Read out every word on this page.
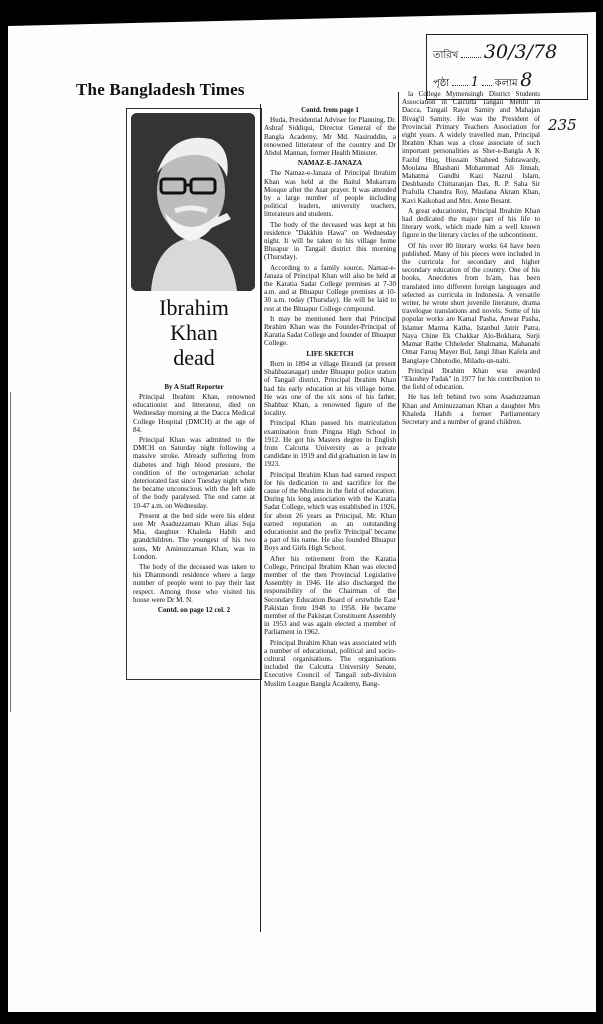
The Bangladesh Times
তারিখ 30/3/78
পৃষ্ঠা 1 কলাম 8
235
Ibrahim
Khan
dead
By A Staff Reporter

Principal Ibrahim Khan, renowned educationist and litterateur, died on Wednesday morning at the Dacca Medical College Hospital (DMCH) at the age of 84.

Principal Khan was admitted to the DMCH on Saturday night following a massive stroke. Already suffering from diabetes and high blood pressure, the condition of the octogenarian scholar deteriorated fast since Tuesday night when he became unconscious with the left side of the body paralysed. The end came at 10-47 a.m. on Wednesday.

Present at the bed side were his eldest son Mr Asaduzzaman Khan alias Suja Mia, daughter Khaleda Habib and grandchildren. The youngest of his two sons, Mr Aminuzzaman Khan, was in London.

The body of the deceased was taken to his Dhanmondi residence where a large number of people went to pay their last respect. Among those who visited his house were Dr M. N.

Contd. on page 12 col. 2
Contd. from page 1

Huda, Presidential Adviser for Planning, Dr. Ashraf Siddiqui, Director General of the Bangla Academy, Mr Md. Nasiruddin, a renowned litterateur of the country and Dr Abdul Mannan, former Health Minister.

NAMAZ-E-JANAZA

The Namaz-e-Janaza of Principal Ibrahim Khan was held at the Baitul Mukarram Mosque after the Asar prayer. It was attended by a large number of people including political leaders, university teachers, litterateurs and students.

The body of the deceased was kept at his residence "Dakkhin Hawa" on Wednesday night. It will be taken to his village home Bhuapur in Tangail district this morning (Thursday).

According to a family source, Namaz-e-Janaza of Principal Khan will also be held at the Karatia Sadat College premises at 7-30 a.m. and at Bhuapur College premises at 10-30 a.m. today (Thursday). He will be laid to rest at the Bhuapur College compound.

It may be mentioned here that Principal Ibrahim Khan was the Founder-Principal of Karatia Sadat College and founder of Bhuapur College.

LIFE SKETCH

Born in 1894 at village Birandi (at present Shahbazanagar) under Bhuapur police station of Tangail district, Principal Ibrahim Khan had his early education at his village home. He was one of the six sons of his father, Shahbaz Khan, a renowned figure of the locality.

Principal Khan passed his matriculation examination from Pingna High School in 1912. He got his Masters degree in English from Calcutta University as a private candidate in 1919 and did graduation in law in 1923.

Principal Ibrahim Khan had earned respect for his dedication to and sacrifice for the cause of the Muslims in the field of education. During his long association with the Karatia Sadat College, which was established in 1926, for about 26 years as Principal, Mr. Khan earned reputation as an outstanding educationist and the prefix 'Principal' became a part of his name. He also founded Bhuapur Boys and Girls High School.

After his retirement from the Karatia College, Principal Ibrahim Khan was elected member of the then Provincial Legislative Assembly in 1946. He also discharged the responsibility of the Chairman of the Secondary Education Board of erstwhile East Pakistan from 1948 to 1958. He became member of the Pakistan Constituent Assembly in 1953 and was again elected a member of Parliament in 1962.

Principal Ibrahim Khan was associated with a number of educational, political and socio-cultural organisations. The organisations included the Calcutta University Senate, Executive Council of Tangail sub-division Muslim League Bangla Academy, Bang-

la College Mymensingh District Students Association in Calcutta Tangail Mehfil in Dacca, Tangail Rayat Samity and Mahajan Bivag'il Samity. He was the President of Provincial Primary Teachers Association for eight years. A widely travelled man, Principal Ibrahim Khan was a close associate of such important personalities as Sher-e-Bangla A K Fazlul Huq, Hussain Shaheed Suhrawardy, Moulana Bhashani Mohammad Ali Jinnah, Mahatma Gandhi Kazi Nazrul Islam, Deshbandu Chittaranjan Das, R. P. Saha Sir Prafulla Chandra Roy, Maulana Akram Khan, Kavi Kaikobad and Mrs. Anne Besant.

A great educationist, Principal Ibrahim Khan had dedicated the major part of his life to literary work, which made him a well known figure in the literary circles of the subcontinent.

Of his over 80 literary works 64 have been published. Many of his pieces were included in the curricula for secondary and higher secondary education of the country. One of his books, Anecdotes from Is'am, has been translated into different foreign languages and selected as curricula in Indonesia. A versatile writer, he wrote short juvenile literature, drama travelogue translations and novels. Some of his popular works are Kamal Pasha, Anwar Pasha, Islamer Marma Katha, Istanbul Jatrir Patra, Naya Chine Ek Chakkar Alo-Bokhara, Surji Mamar Rathe Chheleder Shahnama, Mahanabi Omar Faruq Mayer Bul, Jangi Jiban Kafela and Banglaye Chhotodie, Miladu-un-nabi.

Principal Ibrahim Khan was awarded "Ekushey Padak" in 1977 for his contribution to the field of education.

He has left behind two sons Asaduzzaman Khan and Aminuzzaman Khan a daughter Mrs Khaleda Habib a former Parliamentary Secretary and a number of grand children.
